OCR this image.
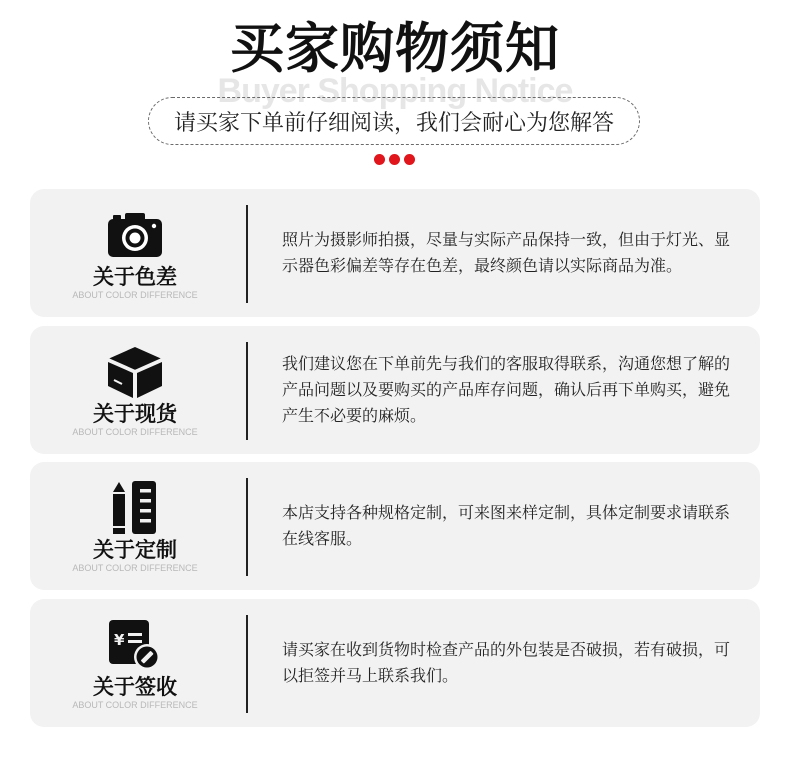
Buyer Shopping Notice
买家购物须知
请买家下单前仔细阅读，我们会耐心为您解答
关于色差
ABOUT COLOR DIFFERENCE
照片为摄影师拍摄，尽量与实际产品保持一致，但由于灯光、显示器色彩偏差等存在色差，最终颜色请以实际商品为准。
关于现货
ABOUT COLOR DIFFERENCE
我们建议您在下单前先与我们的客服取得联系，沟通您想了解的产品问题以及要购买的产品库存问题，确认后再下单购买，避免产生不必要的麻烦。
关于定制
ABOUT COLOR DIFFERENCE
本店支持各种规格定制，可来图来样定制，具体定制要求请联系在线客服。
¥
关于签收
ABOUT COLOR DIFFERENCE
请买家在收到货物时检查产品的外包装是否破损，若有破损，可以拒签并马上联系我们。
